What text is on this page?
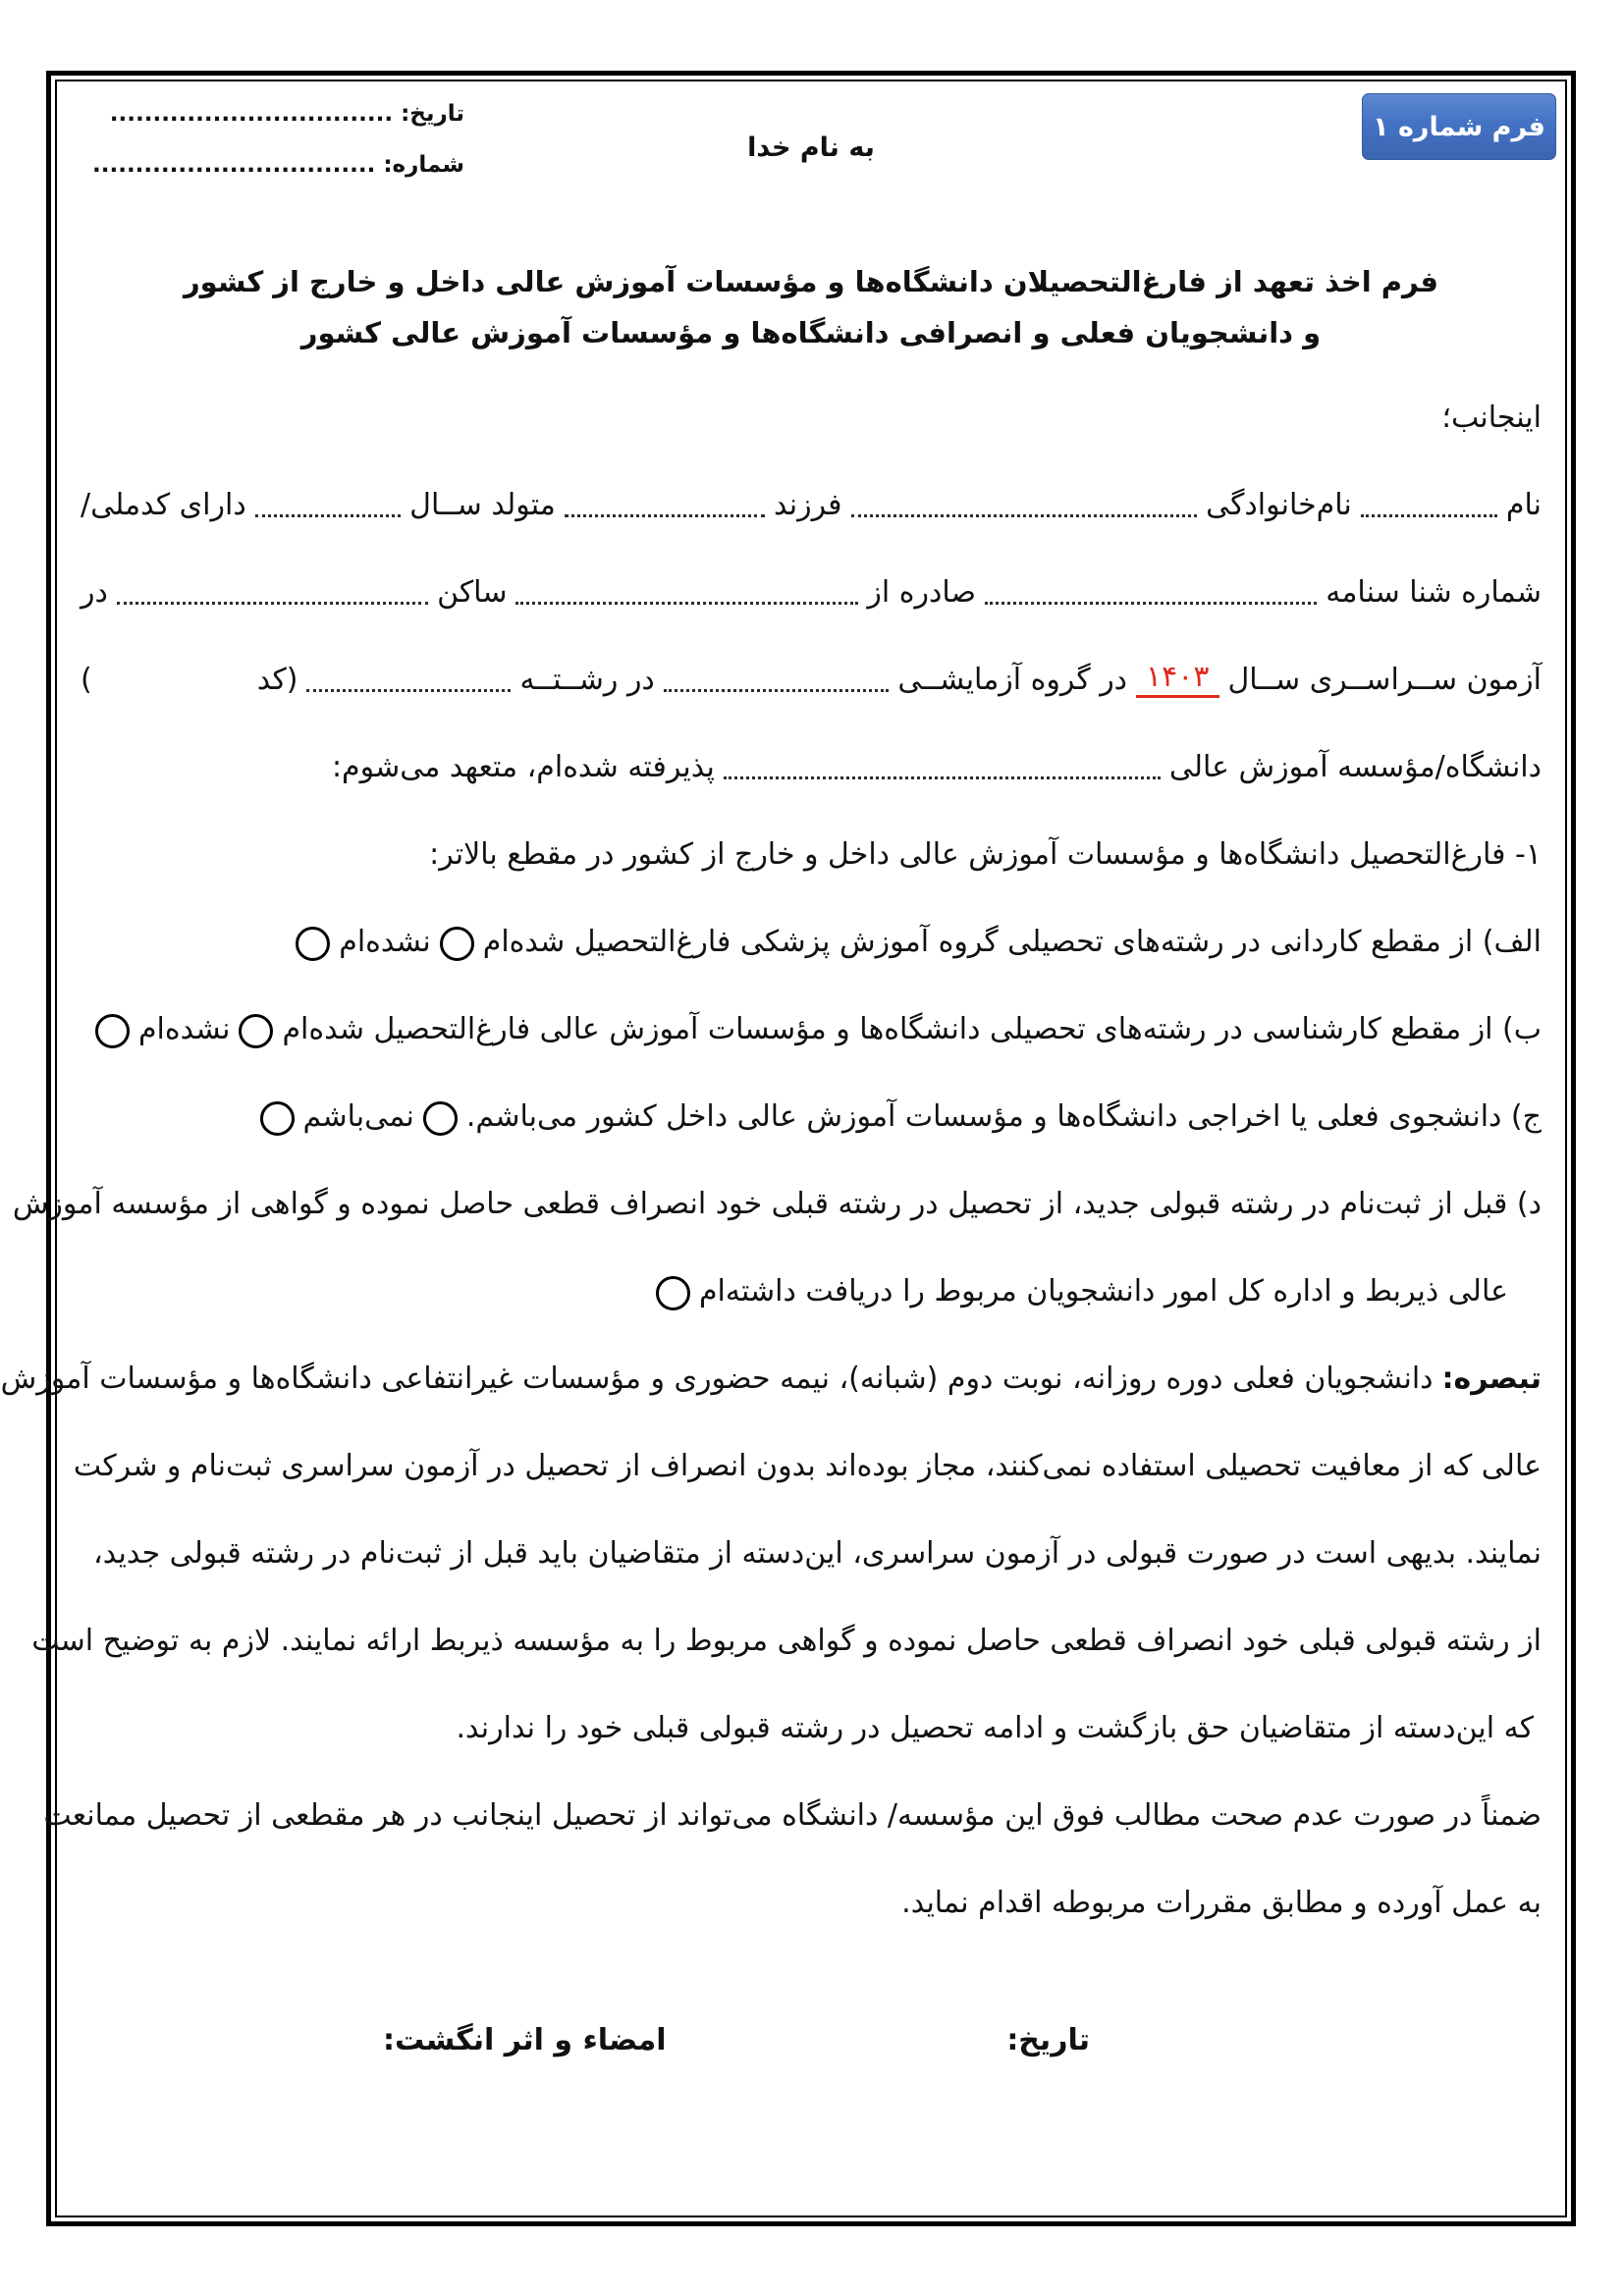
فرم شماره ۱
تاریخ: .................................
شماره: .................................
به نام خدا
فرم اخذ تعهد از فارغ‌التحصیلان دانشگاه‌ها و مؤسسات آموزش عالی داخل و خارج از کشور
و دانشجویان فعلی و انصرافی دانشگاه‌ها و مؤسسات آموزش عالی کشور
اینجانب؛
نام
نام‌خانوادگی
فرزند
متولد ســال
دارای کدملی/
شماره شنا سنامه
صادره از
ساکن
در
آزمون ســراســری ســال
۱۴۰۳
در گروه آزمایشــی
در رشــتــه
(کد
)
دانشگاه/مؤسسه آموزش عالی
پذیرفته شده‌ام، متعهد می‌شوم:
۱- فارغ‌التحصیل دانشگاه‌ها و مؤسسات آموزش عالی داخل و خارج از کشور در مقطع بالاتر:
الف) از مقطع کاردانی در رشته‌های تحصیلی گروه آموزش پزشکی فارغ‌التحصیل شده‌ام
نشده‌ام
ب) از مقطع کارشناسی در رشته‌های تحصیلی دانشگاه‌ها و مؤسسات آموزش عالی فارغ‌التحصیل شده‌ام
نشده‌ام
ج) دانشجوی فعلی یا اخراجی دانشگاه‌ها و مؤسسات آموزش عالی داخل کشور می‌باشم.
نمی‌باشم
د) قبل از ثبت‌نام در رشته قبولی جدید، از تحصیل در رشته قبلی خود انصراف قطعی حاصل نموده و گواهی از مؤسسه آموزش
عالی ذیربط و اداره کل امور دانشجویان مربوط را دریافت داشته‌ام
تبصره:
دانشجویان فعلی دوره روزانه، نوبت دوم (شبانه)، نیمه حضوری و مؤسسات غیرانتفاعی دانشگاه‌ها و مؤسسات آموزش
عالی که از معافیت تحصیلی استفاده نمی‌کنند، مجاز بوده‌اند بدون انصراف از تحصیل در آزمون سراسری ثبت‌نام و شرکت
نمایند. بدیهی است در صورت قبولی در آزمون سراسری، این‌دسته از متقاضیان باید قبل از ثبت‌نام در رشته قبولی جدید،
از رشته قبولی قبلی خود انصراف قطعی حاصل نموده و گواهی مربوط را به مؤسسه ذیربط ارائه نمایند. لازم به توضیح است
که این‌دسته از متقاضیان حق بازگشت و ادامه تحصیل در رشته قبولی قبلی خود را ندارند.
ضمناً در صورت عدم صحت مطالب فوق این مؤسسه/ دانشگاه می‌تواند از تحصیل اینجانب در هر مقطعی از تحصیل ممانعت
به عمل آورده و مطابق مقررات مربوطه اقدام نماید.
تاریخ:
امضاء و اثر انگشت:
